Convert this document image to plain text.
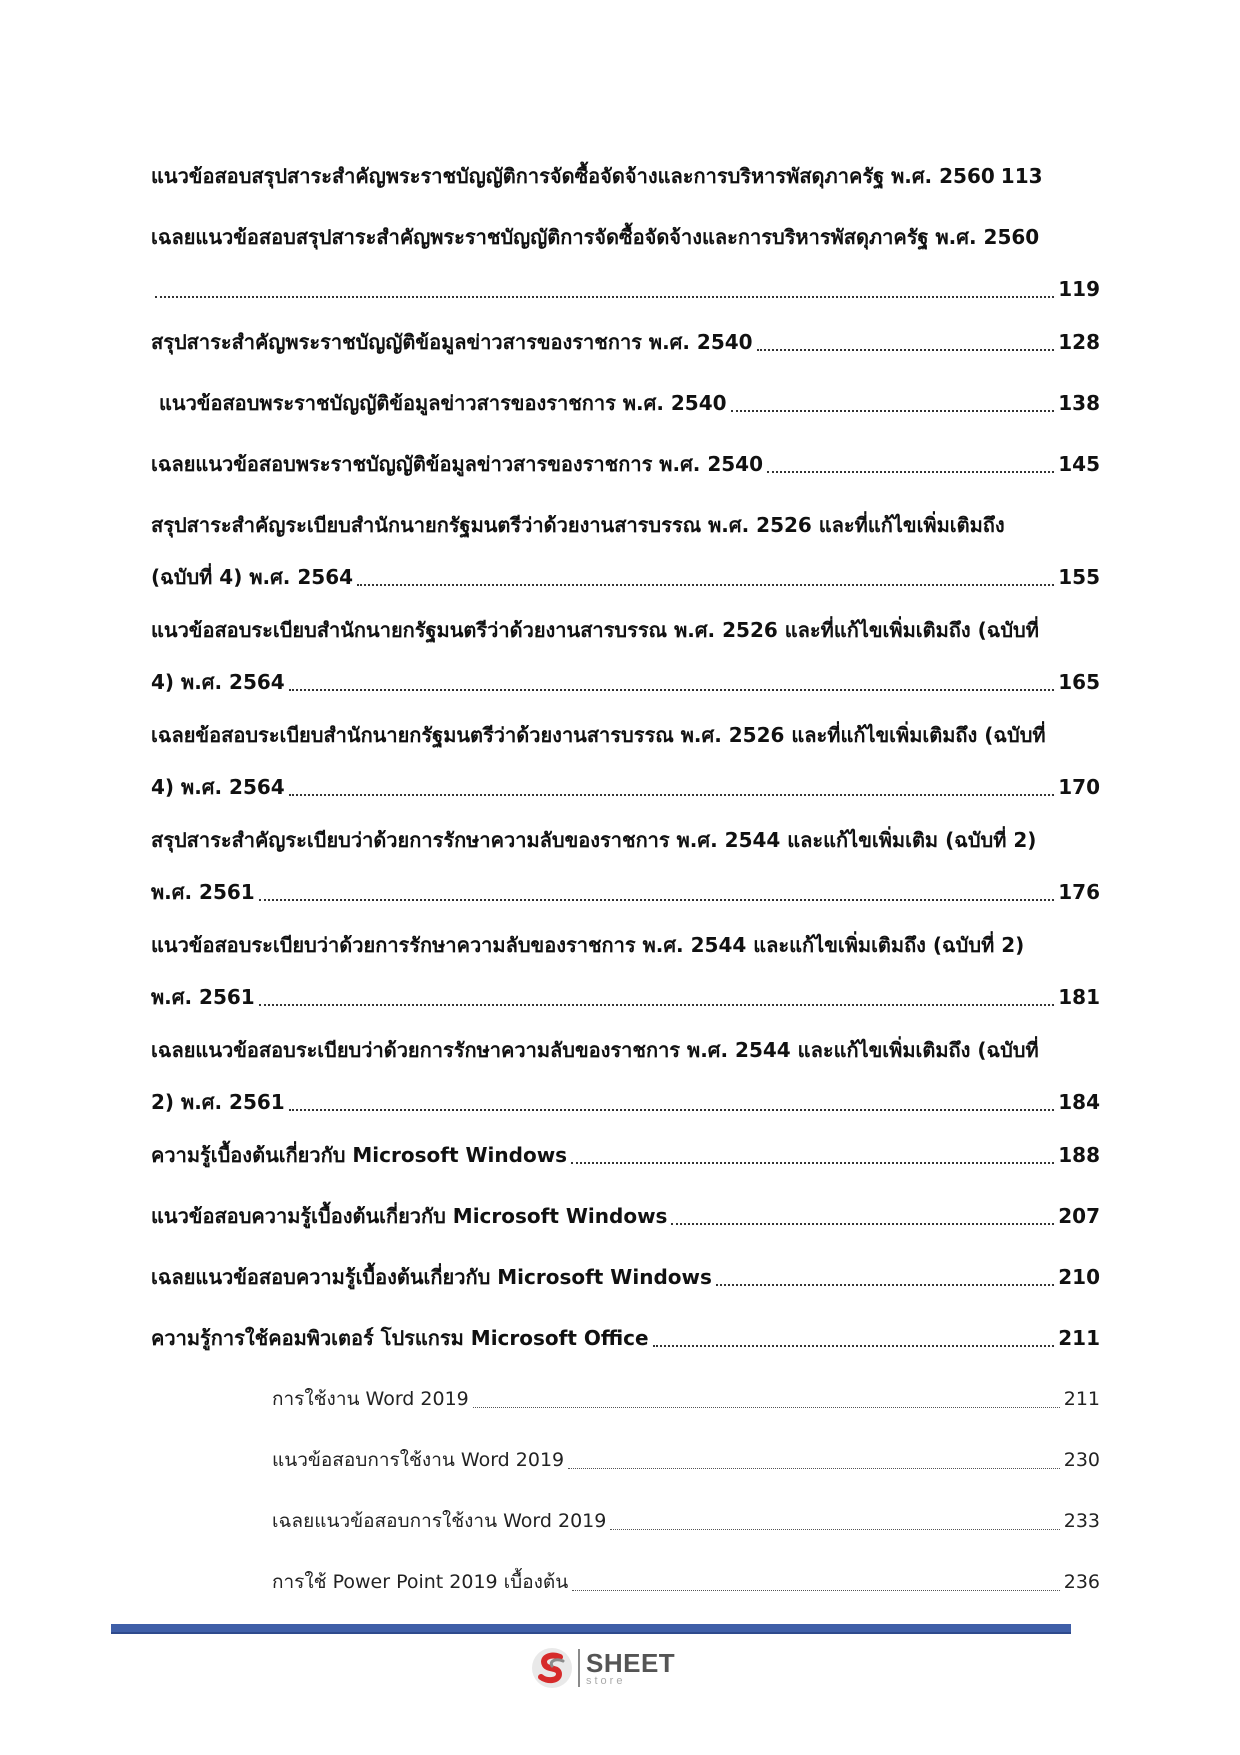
แนวข้อสอบสรุปสาระสำคัญพระราชบัญญัติการจัดซื้อจัดจ้างและการบริหารพัสดุภาครัฐ พ.ศ. 2560 113
เฉลยแนวข้อสอบสรุปสาระสำคัญพระราชบัญญัติการจัดซื้อจัดจ้างและการบริหารพัสดุภาครัฐ พ.ศ. 2560
119
สรุปสาระสำคัญพระราชบัญญัติข้อมูลข่าวสารของราชการ พ.ศ. 2540	128
แนวข้อสอบพระราชบัญญัติข้อมูลข่าวสารของราชการ พ.ศ. 2540	138
เฉลยแนวข้อสอบพระราชบัญญัติข้อมูลข่าวสารของราชการ พ.ศ. 2540	145
สรุปสาระสำคัญระเบียบสำนักนายกรัฐมนตรีว่าด้วยงานสารบรรณ พ.ศ. 2526 และที่แก้ไขเพิ่มเติมถึง
(ฉบับที่ 4) พ.ศ. 2564	155
แนวข้อสอบระเบียบสำนักนายกรัฐมนตรีว่าด้วยงานสารบรรณ พ.ศ. 2526 และที่แก้ไขเพิ่มเติมถึง (ฉบับที่
4) พ.ศ. 2564	165
เฉลยข้อสอบระเบียบสำนักนายกรัฐมนตรีว่าด้วยงานสารบรรณ พ.ศ. 2526 และที่แก้ไขเพิ่มเติมถึง (ฉบับที่
4) พ.ศ. 2564	170
สรุปสาระสำคัญระเบียบว่าด้วยการรักษาความลับของราชการ พ.ศ. 2544 และแก้ไขเพิ่มเติม (ฉบับที่ 2)
พ.ศ. 2561	176
แนวข้อสอบระเบียบว่าด้วยการรักษาความลับของราชการ พ.ศ. 2544 และแก้ไขเพิ่มเติมถึง (ฉบับที่ 2)
พ.ศ. 2561	181
เฉลยแนวข้อสอบระเบียบว่าด้วยการรักษาความลับของราชการ พ.ศ. 2544 และแก้ไขเพิ่มเติมถึง (ฉบับที่
2) พ.ศ. 2561	184
ความรู้เบื้องต้นเกี่ยวกับ Microsoft Windows	188
แนวข้อสอบความรู้เบื้องต้นเกี่ยวกับ Microsoft Windows	207
เฉลยแนวข้อสอบความรู้เบื้องต้นเกี่ยวกับ Microsoft Windows	210
ความรู้การใช้คอมพิวเตอร์ โปรแกรม Microsoft Office	211
การใช้งาน Word 2019	211
แนวข้อสอบการใช้งาน Word 2019	230
เฉลยแนวข้อสอบการใช้งาน Word 2019	233
การใช้ Power Point 2019 เบื้องต้น	236
SHEET
store
